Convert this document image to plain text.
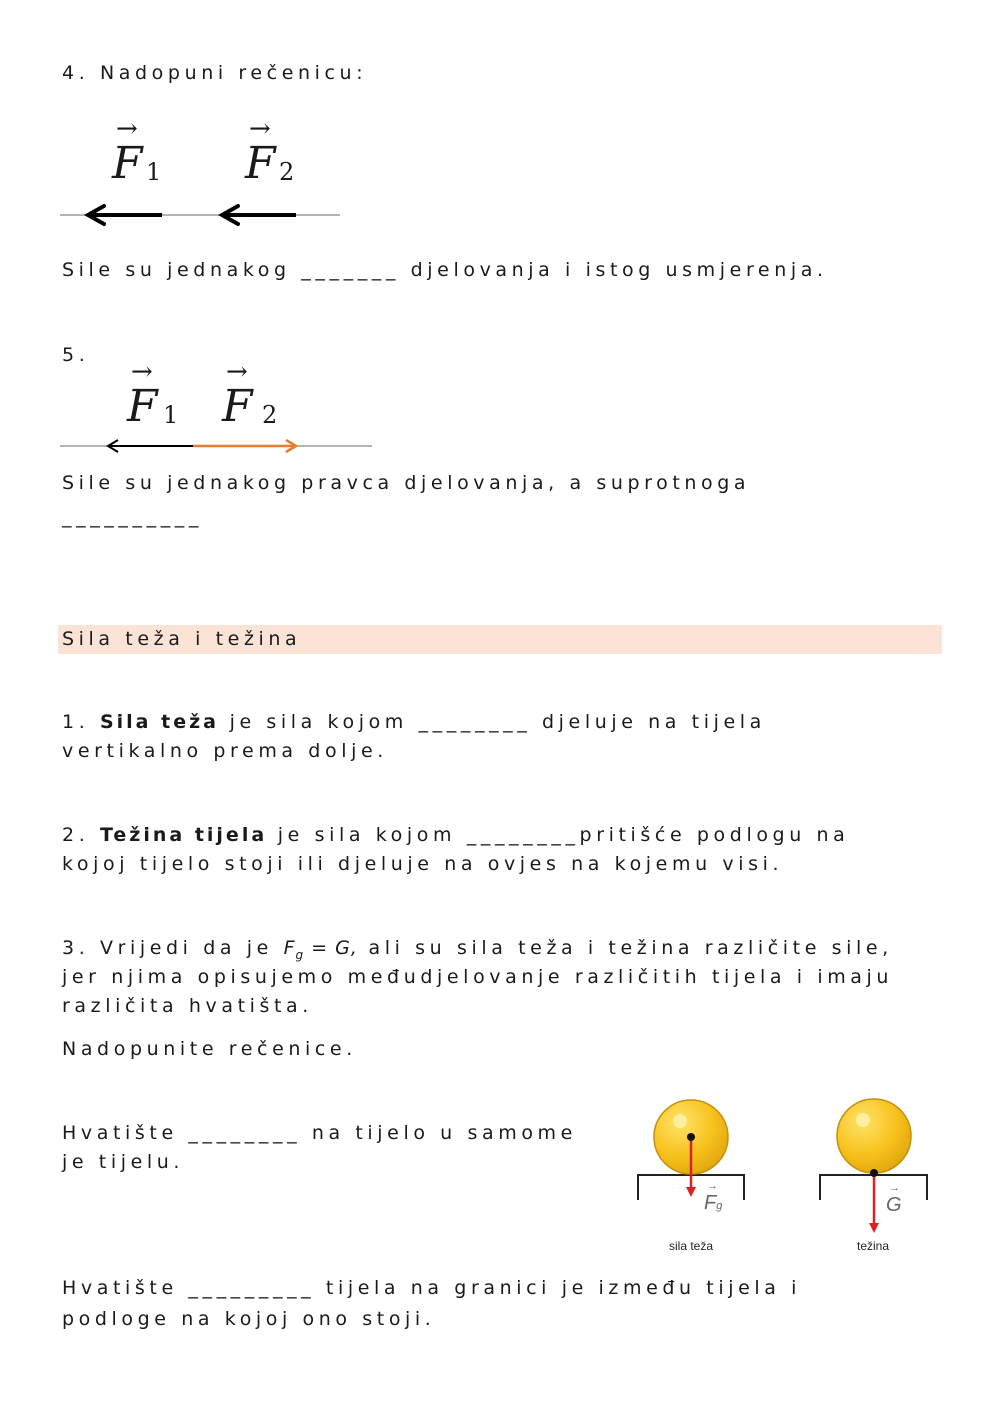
4. Nadopuni rečenicu:
→
F 1
→
F 2
Sile su jednakog _______ djelovanja i istog usmjerenja.
5.
→
F 1
→
F 2
Sile su jednakog pravca djelovanja, a suprotnoga
__________
Sila teža i težina
1. Sila teža je sila kojom ________ djeluje na tijela
vertikalno prema dolje.
2. Težina tijela je sila kojom ________pritišće podlogu na
kojoj tijelo stoji ili djeluje na ovjes na kojemu visi.
3. Vrijedi da je $F_g = G$, ali su sila teža i težina različite sile,
jer njima opisujemo međudjelovanje različitih tijela i imaju
različita hvatišta.
Nadopunite rečenice.
Hvatište ________ na tijelo u samome
je tijelu.
→
Fg
→
G
sila teža	težina
Hvatište _________ tijela na granici je između tijela i
podloge na kojoj ono stoji.
